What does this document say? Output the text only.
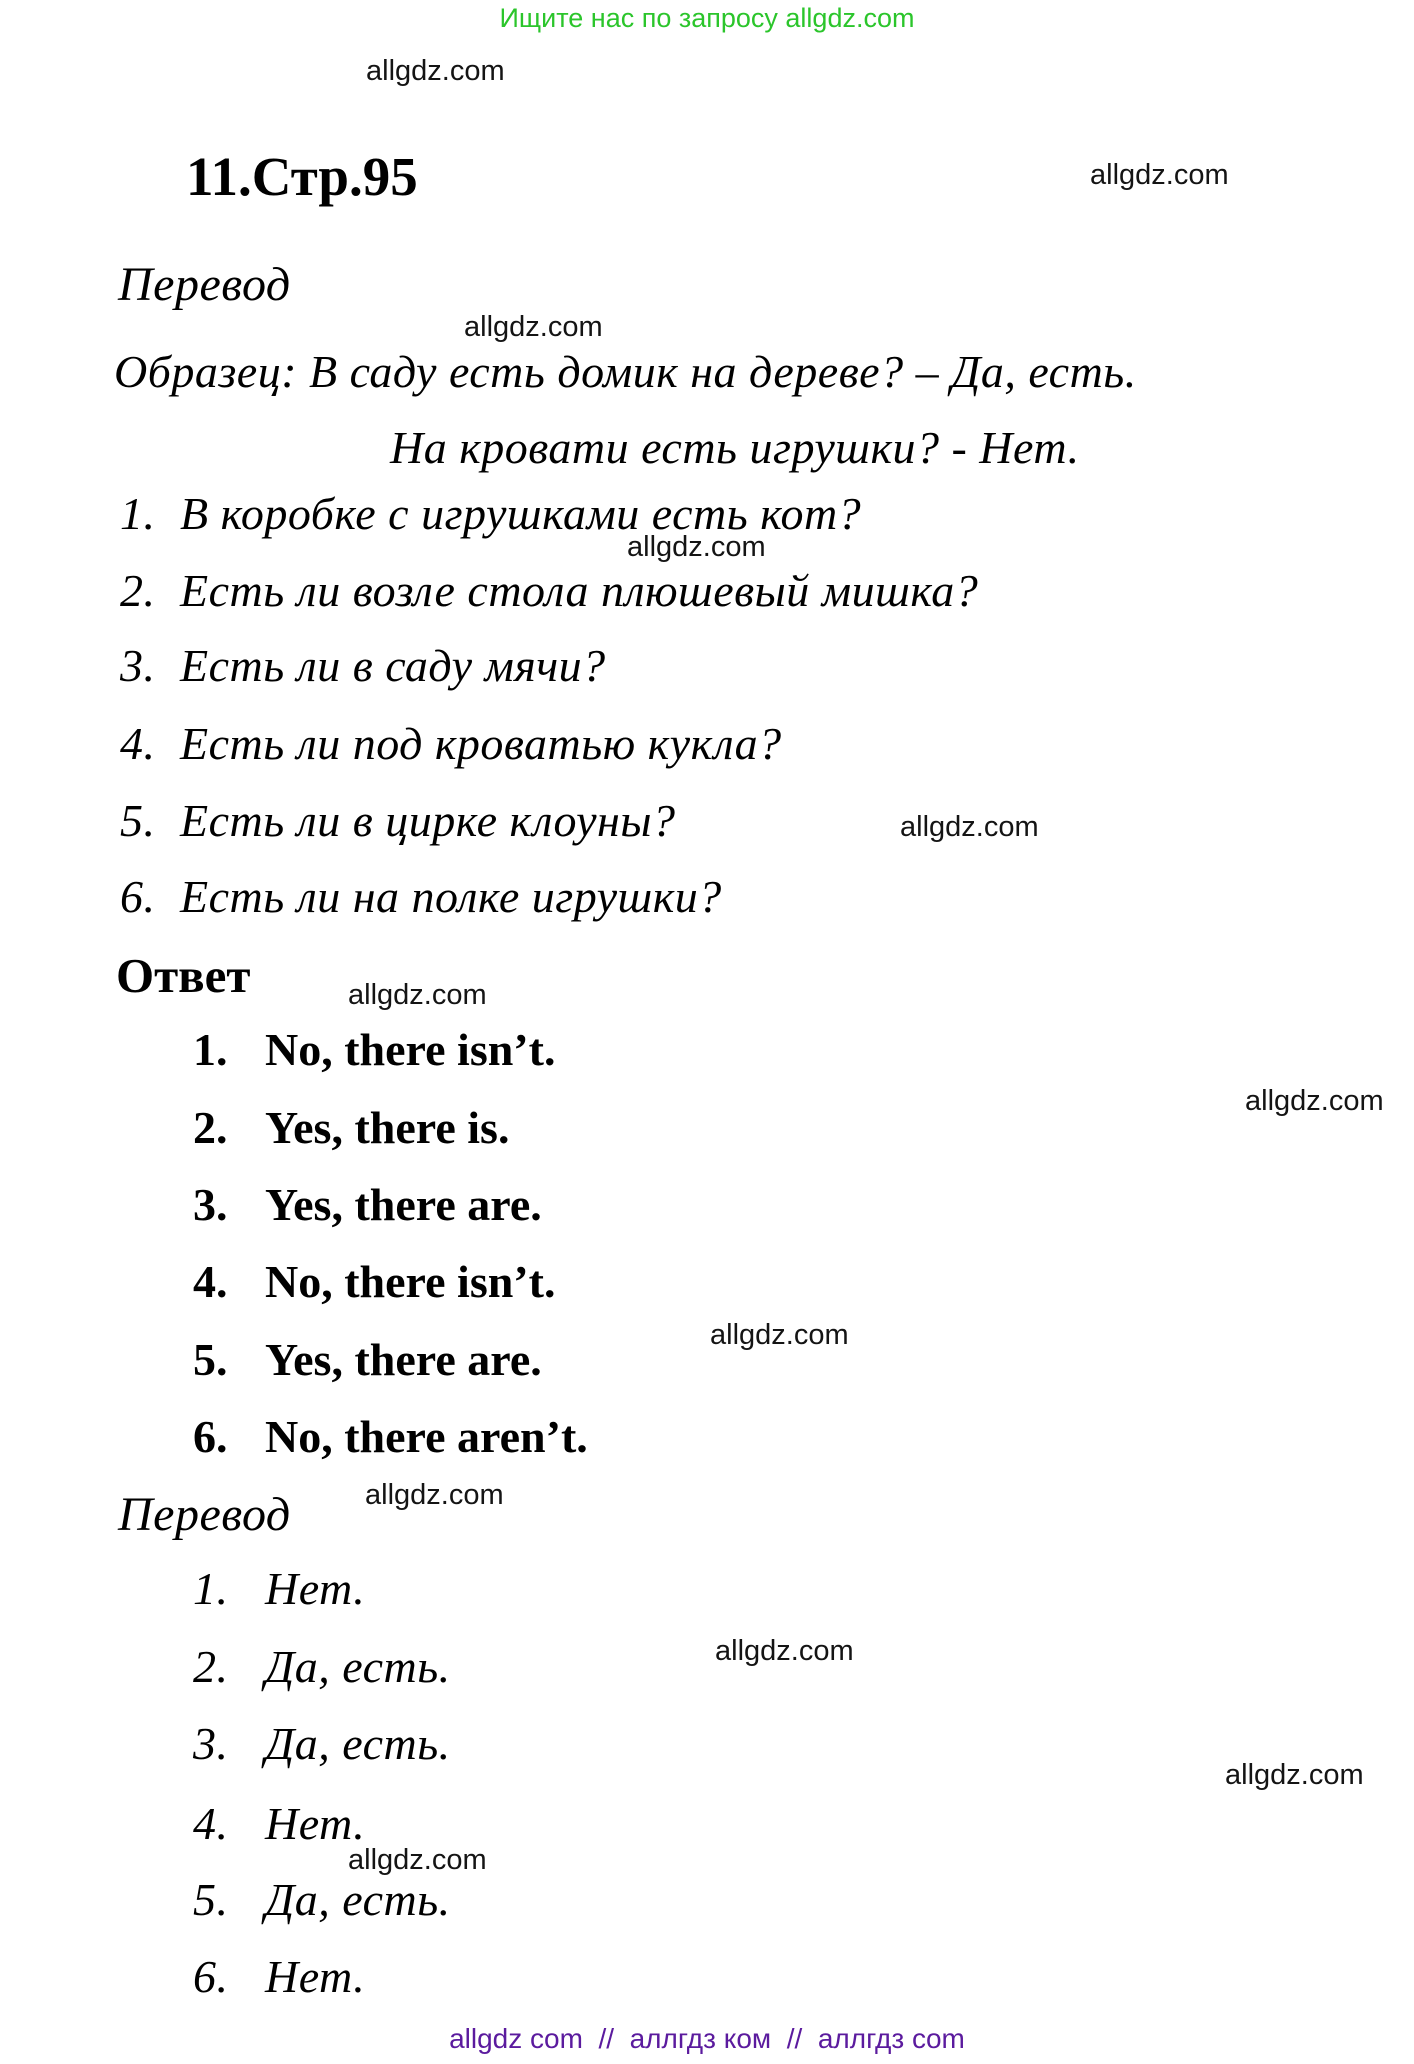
Ищите нас по запросу allgdz.com
allgdz.com
allgdz.com
allgdz.com
allgdz.com
allgdz.com
allgdz.com
allgdz.com
allgdz.com
allgdz.com
allgdz.com
allgdz.com
allgdz.com
11.Стр.95
Перевод
Образец: В саду есть домик на дереве? – Да, есть.
На кровати есть игрушки? - Нет.
1. В коробке с игрушками есть кот?
2. Есть ли возле стола плюшевый мишка?
3. Есть ли в саду мячи?
4. Есть ли под кроватью кукла?
5. Есть ли в цирке клоуны?
6. Есть ли на полке игрушки?
Ответ
1. No, there isn’t.
2. Yes, there is.
3. Yes, there are.
4. No, there isn’t.
5. Yes, there are.
6. No, there aren’t.
Перевод
1. Нет.
2. Да, есть.
3. Да, есть.
4. Нет.
5. Да, есть.
6. Нет.
allgdz com  //  аллгдз ком  //  аллгдз com
